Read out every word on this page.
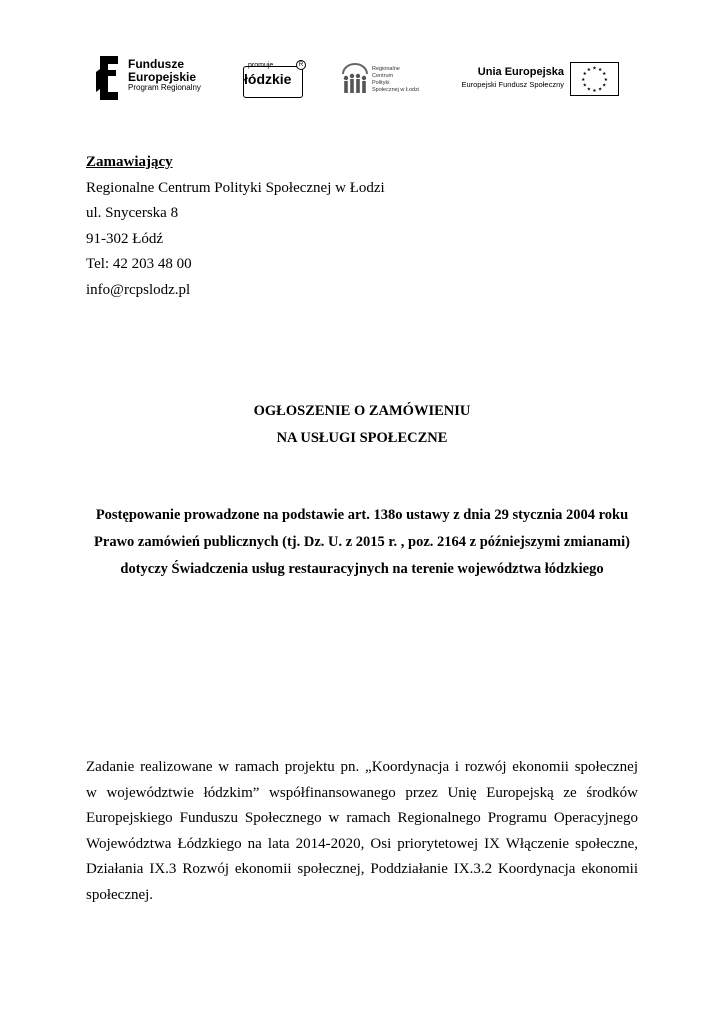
Fundusze
Europejskie
Program Regionalny
promuje
łódzkie
R
Regionalne
Centrum
Polityki
Społecznej w Łodzi
Unia Europejska
Europejski Fundusz Społeczny
★ ★
★
★
★
★
★
★
★
★
★
★
Zamawiający
Regionalne Centrum Polityki Społecznej w Łodzi
ul. Snycerska 8
91-302 Łódź
Tel: 42 203 48 00
info@rcpslodz.pl
OGŁOSZENIE O ZAMÓWIENIU
NA USŁUGI SPOŁECZNE
Postępowanie prowadzone na podstawie art. 138o ustawy z dnia 29 stycznia 2004 roku
Prawo zamówień publicznych (tj. Dz. U. z 2015 r. , poz. 2164 z późniejszymi zmianami)
dotyczy Świadczenia usług restauracyjnych na terenie województwa łódzkiego
Zadanie realizowane w ramach projektu pn. „Koordynacja i rozwój ekonomii społecznej
w województwie łódzkim” współfinansowanego przez Unię Europejską ze środków
Europejskiego Funduszu Społecznego w ramach Regionalnego Programu Operacyjnego
Województwa Łódzkiego na lata 2014-2020, Osi priorytetowej IX Włączenie społeczne,
Działania IX.3 Rozwój ekonomii społecznej, Poddziałanie IX.3.2 Koordynacja ekonomii
społecznej.
